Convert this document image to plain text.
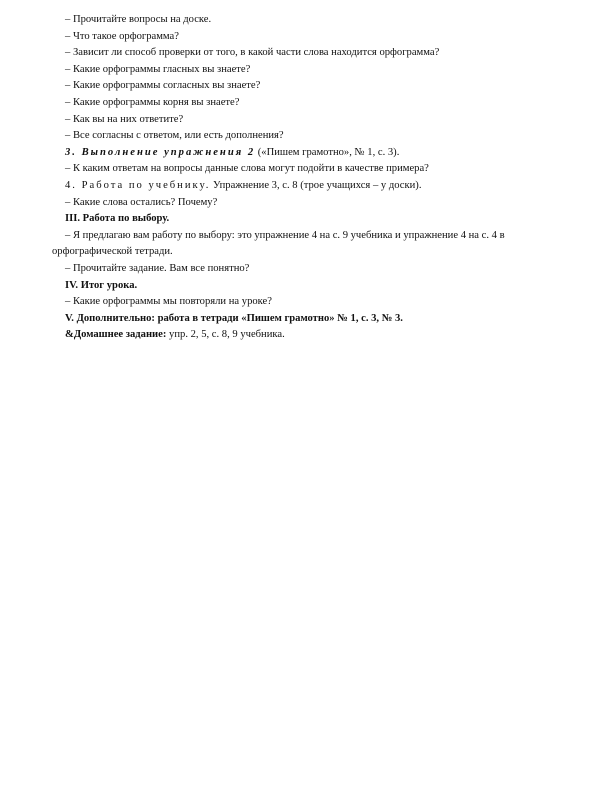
– Прочитайте вопросы на доске.
– Что такое орфограмма?
– Зависит ли способ проверки от того, в какой части слова находится орфограмма?
– Какие орфограммы гласных вы знаете?
– Какие орфограммы согласных вы знаете?
– Какие орфограммы корня вы знаете?
– Как вы на них ответите?
– Все согласны с ответом, или есть дополнения?
3. Выполнение упражнения 2 («Пишем грамотно», № 1, с. 3).
– К каким ответам на вопросы данные слова могут подойти в качестве примера?
4. Работа по учебнику. Упражнение 3, с. 8 (трое учащихся – у доски).
– Какие слова остались? Почему?
III. Работа по выбору.
– Я предлагаю вам работу по выбору: это упражнение 4 на с. 9 учебника и упражнение 4 на с. 4 в орфографической тетради.
– Прочитайте задание. Вам все понятно?
IV. Итог урока.
– Какие орфограммы мы повторяли на уроке?
V. Дополнительно: работа в тетради «Пишем грамотно» № 1, с. 3, № 3.
&Домашнее задание: упр. 2, 5, с. 8, 9 учебника.
